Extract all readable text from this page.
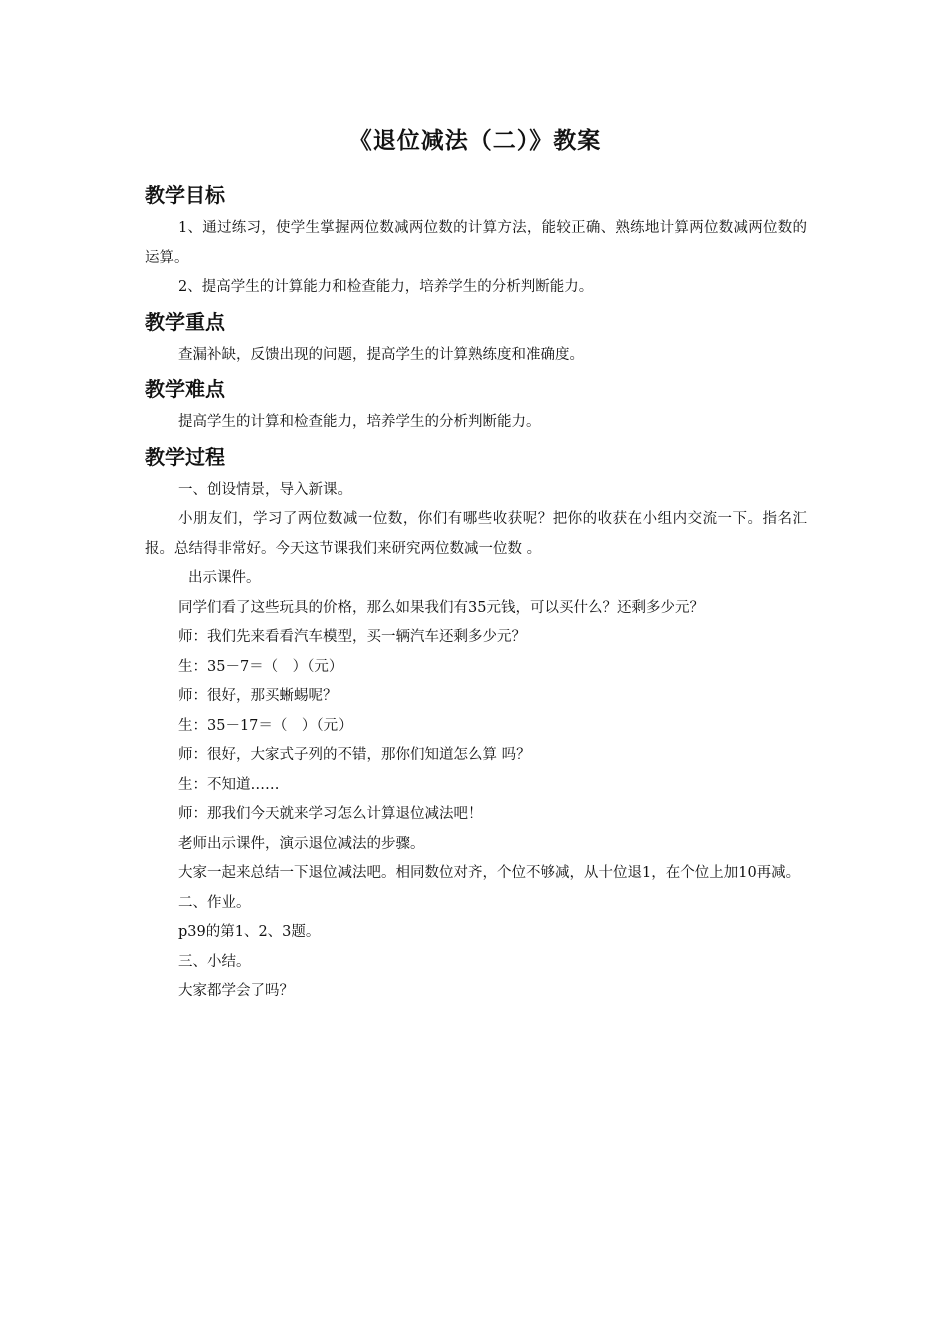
《退位减法（二）》教案
教学目标

1、通过练习，使学生掌握两位数减两位数的计算方法，能较正确、熟练地计算两位数减两位数的运算。

2、提高学生的计算能力和检查能力，培养学生的分析判断能力。

教学重点

查漏补缺，反馈出现的问题，提高学生的计算熟练度和准确度。

教学难点

提高学生的计算和检查能力，培养学生的分析判断能力。

教学过程

一、创设情景，导入新课。

小朋友们，学习了两位数减一位数，你们有哪些收获呢？把你的收获在小组内交流一下。指名汇报。总结得非常好。今天这节课我们来研究两位数减一位数 。

出示课件。

同学们看了这些玩具的价格，那么如果我们有35元钱，可以买什么？还剩多少元？

师：我们先来看看汽车模型，买一辆汽车还剩多少元？

生：35－7＝（　）（元）

师：很好，那买蜥蜴呢？

生：35－17＝（　）（元）

师：很好，大家式子列的不错，那你们知道怎么算 吗？

生：不知道……

师：那我们今天就来学习怎么计算退位减法吧！

老师出示课件，演示退位减法的步骤。

大家一起来总结一下退位减法吧。相同数位对齐，个位不够减，从十位退1，在个位上加10再减。

二、作业。

p39的第1、2、3题。

三、小结。

大家都学会了吗？
